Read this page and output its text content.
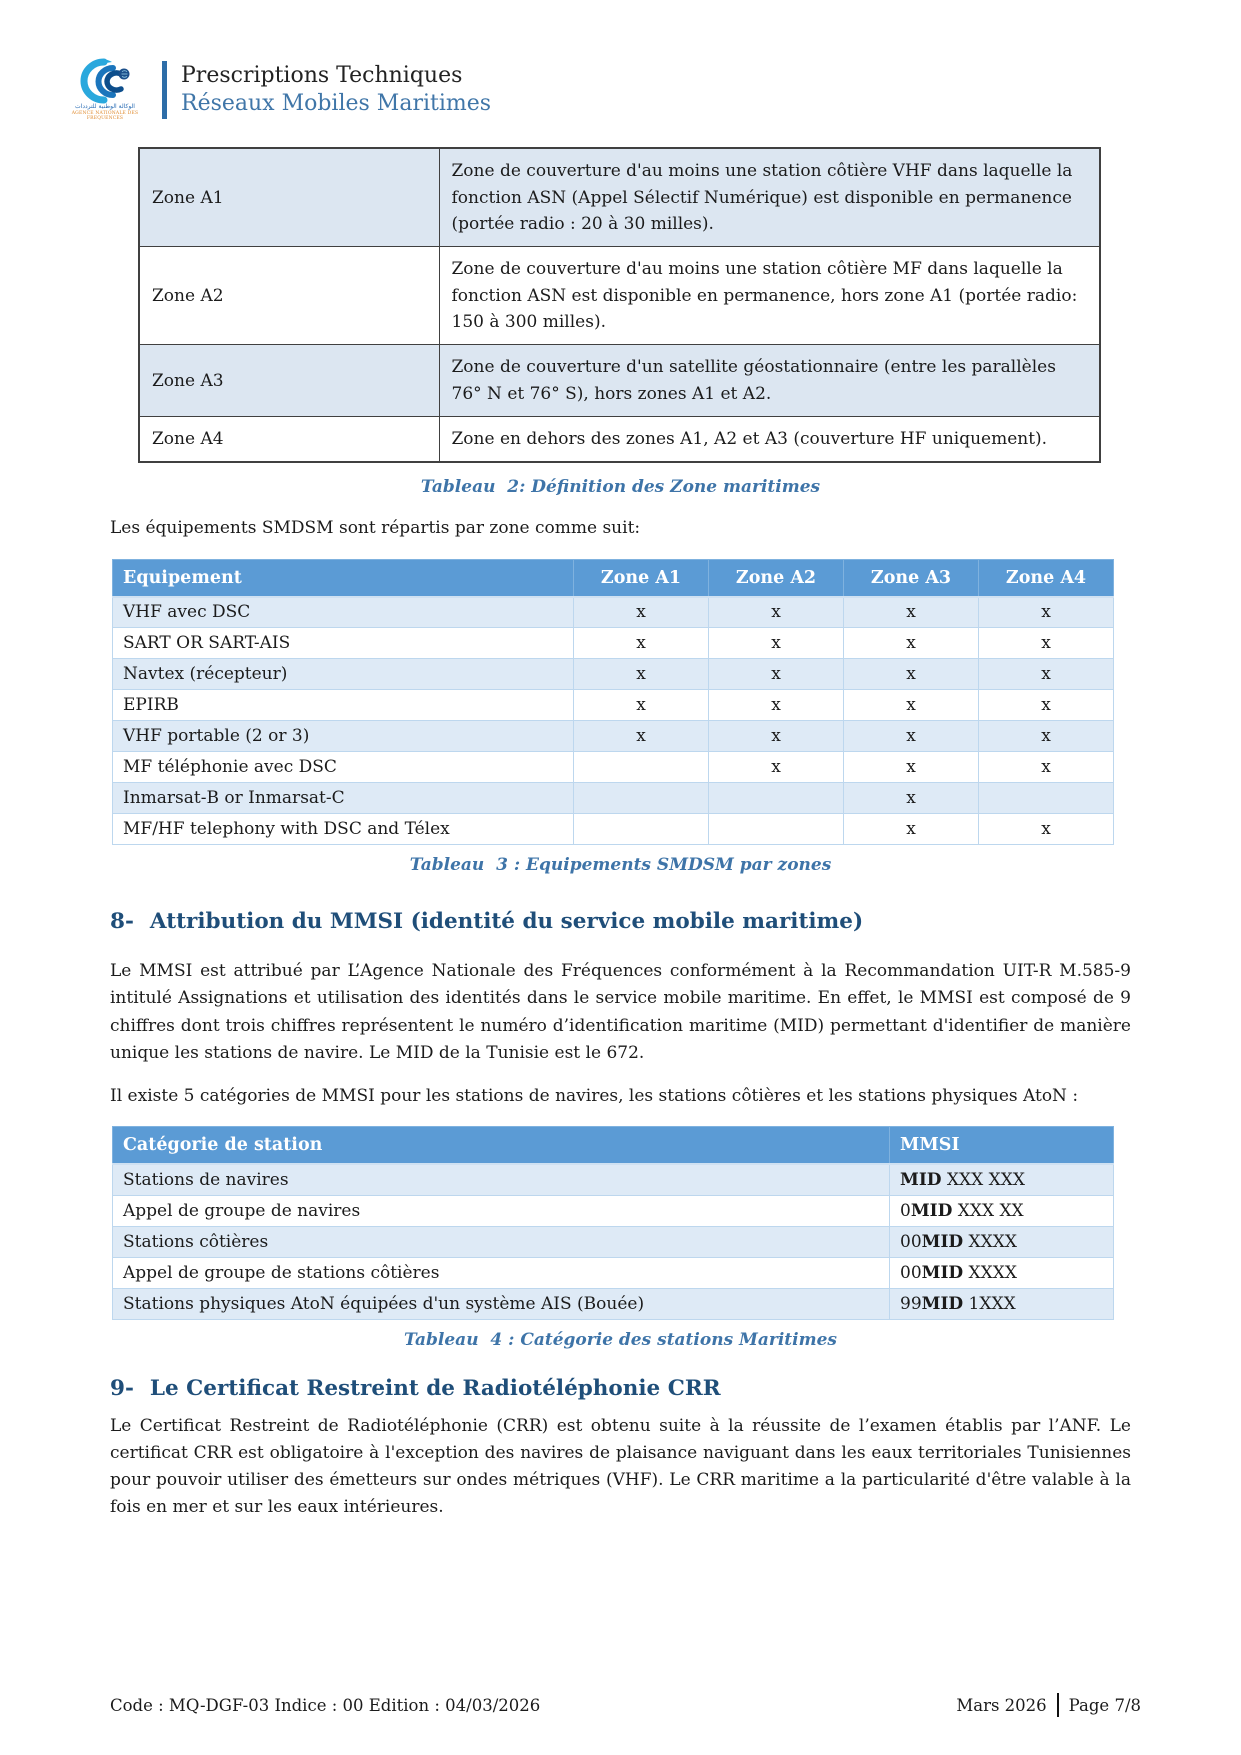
الوكالة الوطنية للترددات
AGENCE NATIONALE DES FREQUENCES
Prescriptions Techniques
Réseaux Mobiles Maritimes
Zone A1	Zone de couverture d'au moins une station côtière VHF dans laquelle la fonction ASN (Appel Sélectif Numérique) est disponible en permanence (portée radio : 20 à 30 milles).
Zone A2	Zone de couverture d'au moins une station côtière MF dans laquelle la fonction ASN est disponible en permanence, hors zone A1 (portée radio: 150 à 300 milles).
Zone A3	Zone de couverture d'un satellite géostationnaire (entre les parallèles 76° N et 76° S), hors zones A1 et A2.
Zone A4	Zone en dehors des zones A1, A2 et A3 (couverture HF uniquement).
Tableau  2: Définition des Zone maritimes

Les équipements SMDSM sont répartis par zone comme suit:

Equipement	Zone A1	Zone A2	Zone A3	Zone A4
VHF avec DSC	x	x	x	x
SART OR SART-AIS	x	x	x	x
Navtex (récepteur)	x	x	x	x
EPIRB	x	x	x	x
VHF portable (2 or 3)	x	x	x	x
MF téléphonie avec DSC		x	x	x
Inmarsat-B or Inmarsat-C			x	
MF/HF telephony with DSC and Télex			x	x
Tableau  3 : Equipements SMDSM par zones
8- Attribution du MMSI (identité du service mobile maritime)

Le MMSI est attribué par L’Agence Nationale des Fréquences conformément à la Recommandation UIT-R M.585-9 intitulé Assignations et utilisation des identités dans le service mobile maritime. En effet, le MMSI est composé de 9 chiffres dont trois chiffres représentent le numéro d’identification maritime (MID) permettant d'identifier de manière unique les stations de navire. Le MID de la Tunisie est le 672.

Il existe 5 catégories de MMSI pour les stations de navires, les stations côtières et les stations physiques AtoN :

Catégorie de station	MMSI
Stations de navires	MID XXX XXX
Appel de groupe de navires	0MID XXX XX
Stations côtières	00MID XXXX
Appel de groupe de stations côtières	00MID XXXX
Stations physiques AtoN équipées d'un système AIS (Bouée)	99MID 1XXX
Tableau  4 : Catégorie des stations Maritimes
9- Le Certificat Restreint de Radiotéléphonie CRR

Le Certificat Restreint de Radiotéléphonie (CRR) est obtenu suite à la réussite de l’examen établis par l’ANF. Le certificat CRR est obligatoire à l'exception des navires de plaisance naviguant dans les eaux territoriales Tunisiennes pour pouvoir utiliser des émetteurs sur ondes métriques (VHF). Le CRR maritime a la particularité d'être valable à la fois en mer et sur les eaux intérieures.

Code : MQ-DGF-03 Indice : 00 Edition : 04/03/2026	Mars 2026 Page 7/8
